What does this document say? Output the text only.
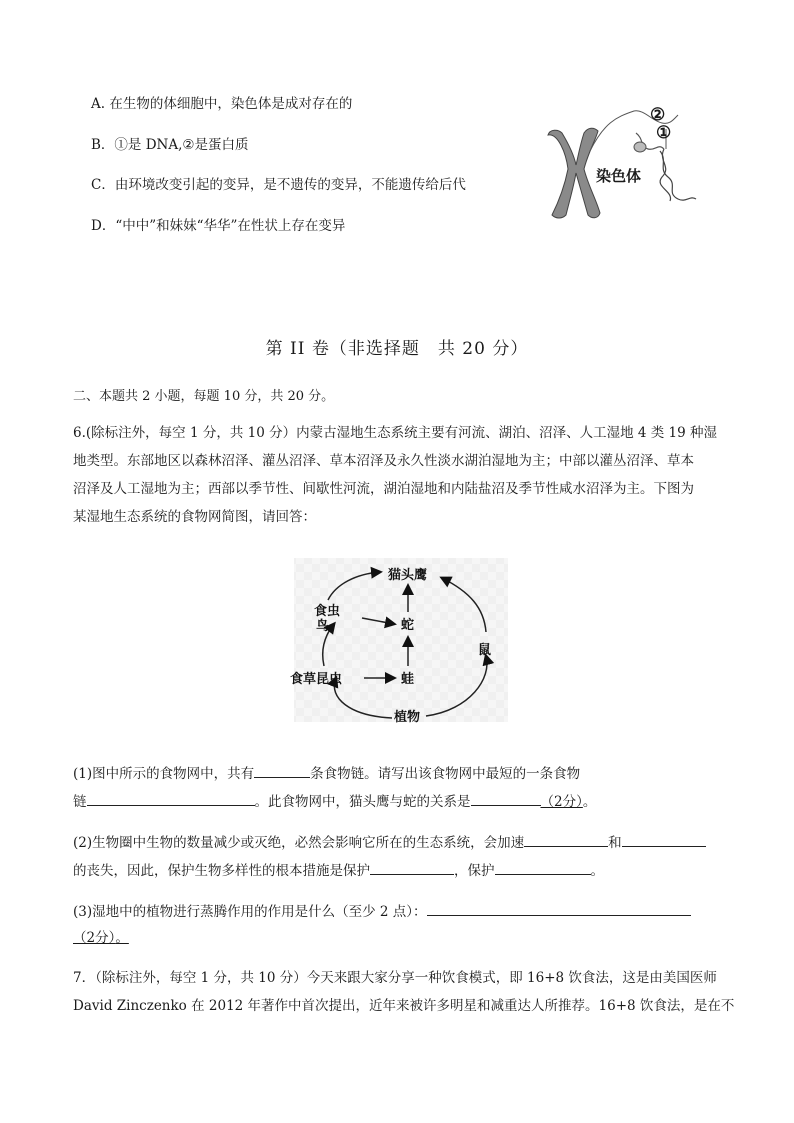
A. 在生物的体细胞中，染色体是成对存在的
B．①是 DNA,②是蛋白质
C．由环境改变引起的变异，是不遗传的变异，不能遗传给后代
D．“中中”和妹妹“华华”在性状上存在变异
染色体
②
①
第 II 卷（非选择题　共 20 分）
二、本题共 2 小题，每题 10 分，共 20 分。
6.(除标注外，每空 1 分，共 10 分）内蒙古湿地生态系统主要有河流、湖泊、沼泽、人工湿地 4 类 19 种湿
地类型。东部地区以森林沼泽、灌丛沼泽、草本沼泽及永久性淡水湖泊湿地为主；中部以灌丛沼泽、草本
沼泽及人工湿地为主；西部以季节性、间歇性河流，湖泊湿地和内陆盐沼及季节性咸水沼泽为主。下图为
某湿地生态系统的食物网简图，请回答：
猫头鹰
食虫
鸟	蛇
鼠
食草昆虫	蛙
植物
(1)图中所示的食物网中，共有	条食物链。请写出该食物网中最短的一条食物
链	。此食物网中，猫头鹰与蛇的关系是	（2分）。
(2)生物圈中生物的数量减少或灭绝，必然会影响它所在的生态系统，会加速	和
的丧失，因此，保护生物多样性的根本措施是保护	，保护	。
(3)湿地中的植物进行蒸腾作用的作用是什么（至少 2 点）：
（2分）。
7．（除标注外，每空 1 分，共 10 分）今天来跟大家分享一种饮食模式，即 16+8 饮食法，这是由美国医师
David Zinczenko 在 2012 年著作中首次提出，近年来被许多明星和减重达人所推荐。16+8 饮食法，是在不
